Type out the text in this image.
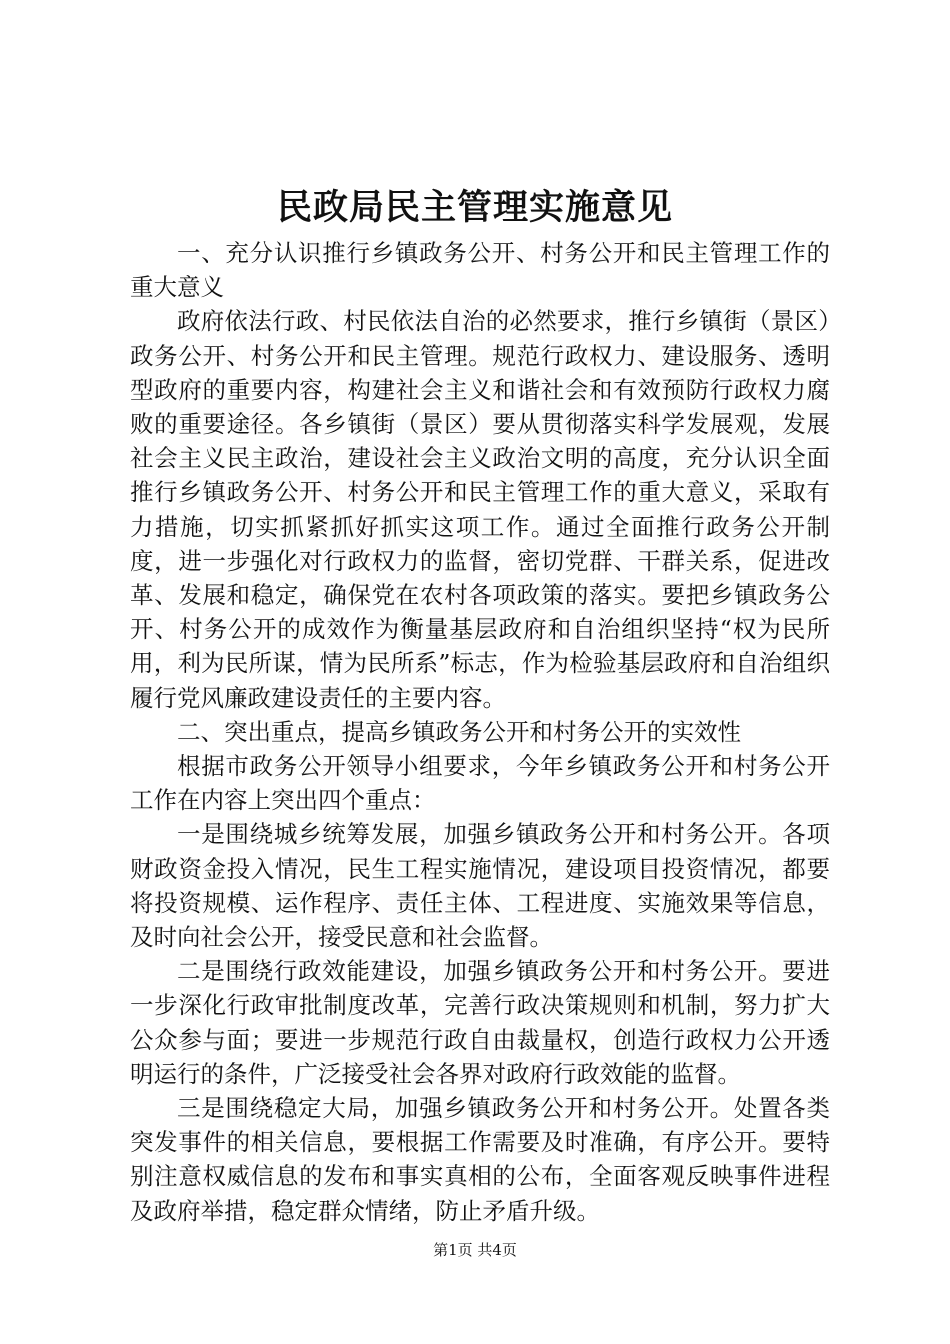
民政局民主管理实施意见

一、充分认识推行乡镇政务公开、村务公开和民主管理工作的重大意义

政府依法行政、村民依法自治的必然要求，推行乡镇街（景区）政务公开、村务公开和民主管理。规范行政权力、建设服务、透明型政府的重要内容，构建社会主义和谐社会和有效预防行政权力腐败的重要途径。各乡镇街（景区）要从贯彻落实科学发展观，发展社会主义民主政治，建设社会主义政治文明的高度，充分认识全面推行乡镇政务公开、村务公开和民主管理工作的重大意义，采取有力措施，切实抓紧抓好抓实这项工作。通过全面推行政务公开制度，进一步强化对行政权力的监督，密切党群、干群关系，促进改革、发展和稳定，确保党在农村各项政策的落实。要把乡镇政务公开、村务公开的成效作为衡量基层政府和自治组织坚持“权为民所用，利为民所谋，情为民所系”标志，作为检验基层政府和自治组织履行党风廉政建设责任的主要内容。

二、突出重点，提高乡镇政务公开和村务公开的实效性

根据市政务公开领导小组要求，今年乡镇政务公开和村务公开工作在内容上突出四个重点：

一是围绕城乡统筹发展，加强乡镇政务公开和村务公开。各项财政资金投入情况，民生工程实施情况，建设项目投资情况，都要将投资规模、运作程序、责任主体、工程进度、实施效果等信息，及时向社会公开，接受民意和社会监督。

二是围绕行政效能建设，加强乡镇政务公开和村务公开。要进一步深化行政审批制度改革，完善行政决策规则和机制，努力扩大公众参与面；要进一步规范行政自由裁量权，创造行政权力公开透明运行的条件，广泛接受社会各界对政府行政效能的监督。

三是围绕稳定大局，加强乡镇政务公开和村务公开。处置各类突发事件的相关信息，要根据工作需要及时准确，有序公开。要特别注意权威信息的发布和事实真相的公布，全面客观反映事件进程及政府举措，稳定群众情绪，防止矛盾升级。

第1页 共4页
